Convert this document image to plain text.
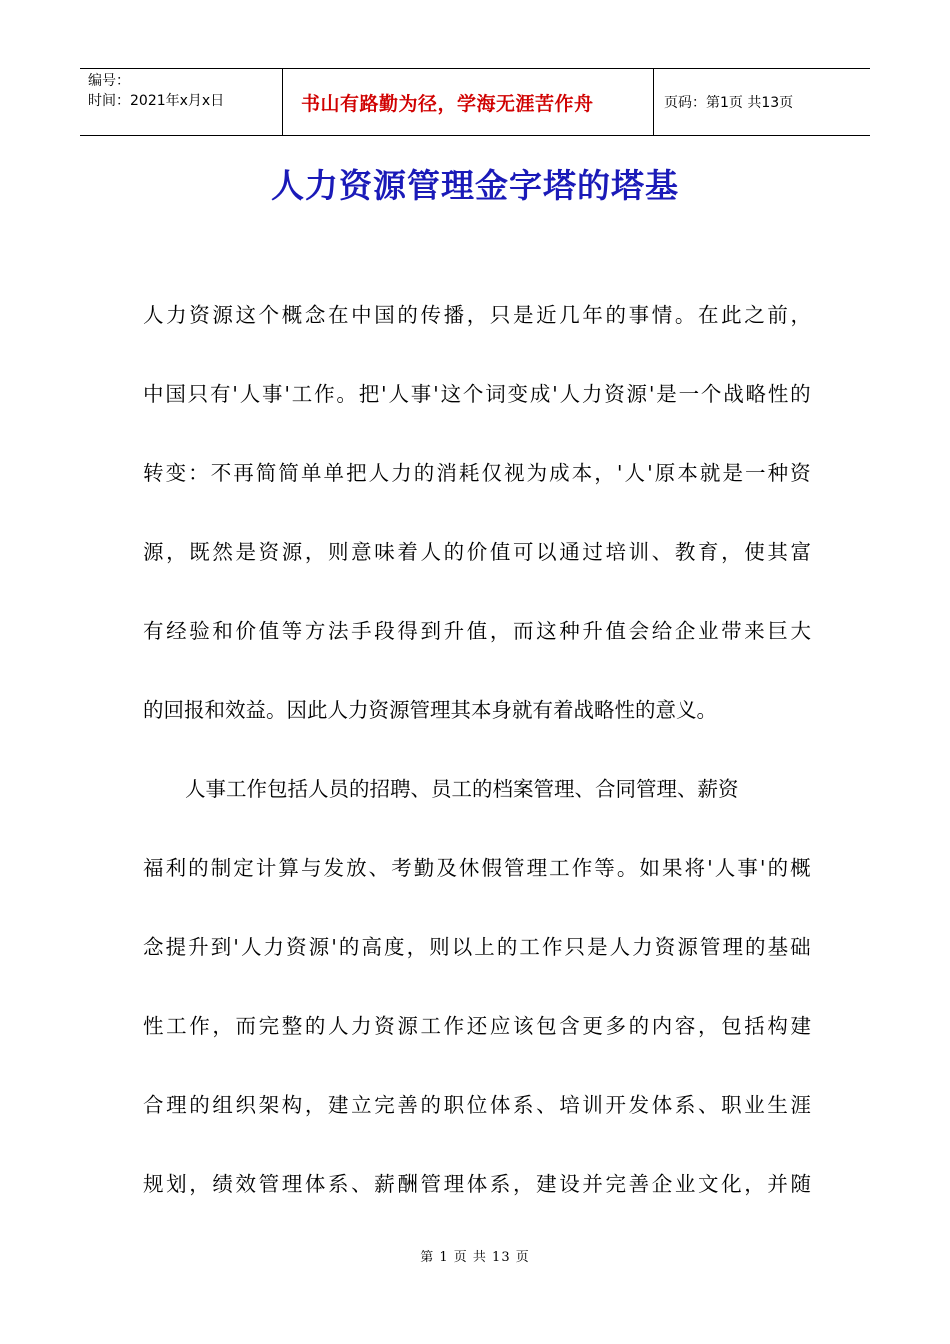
编号：
时间：2021年x月x日	书山有路勤为径，学海无涯苦作舟	页码：第1页 共13页
人力资源管理金字塔的塔基
人 力 资 源 这 个 概 念 在 中 国 的 传 播 ， 只 是 近 几 年 的 事 情 。 在 此 之 前 ，
中 国 只 有 ' 人 事 ' 工 作 。 把 ' 人 事 ' 这 个 词 变 成 ' 人 力 资 源 ' 是 一 个 战 略 性 的
转 变 ： 不 再 简 简 单 单 把 人 力 的 消 耗 仅 视 为 成 本 ， ' 人 ' 原 本 就 是 一 种 资
源 ， 既 然 是 资 源 ， 则 意 味 着 人 的 价 值 可 以 通 过 培 训 、 教 育 ， 使 其 富
有 经 验 和 价 值 等 方 法 手 段 得 到 升 值 ， 而 这 种 升 值 会 给 企 业 带 来 巨 大
的回报和效益。因此人力资源管理其本身就有着战略性的意义。
人事工作包括人员的招聘、员工的档案管理、合同管理、薪资
福 利 的 制 定 计 算 与 发 放 、 考 勤 及 休 假 管 理 工 作 等 。 如 果 将 ' 人 事 ' 的 概
念 提 升 到 ' 人 力 资 源 ' 的 高 度 ， 则 以 上 的 工 作 只 是 人 力 资 源 管 理 的 基 础
性 工 作 ， 而 完 整 的 人 力 资 源 工 作 还 应 该 包 含 更 多 的 内 容 ， 包 括 构 建
合 理 的 组 织 架 构 ， 建 立 完 善 的 职 位 体 系 、 培 训 开 发 体 系 、 职 业 生 涯
规 划 ， 绩 效 管 理 体 系 、 薪 酬 管 理 体 系 ， 建 设 并 完 善 企 业 文 化 ， 并 随
第 1 页 共 13 页
